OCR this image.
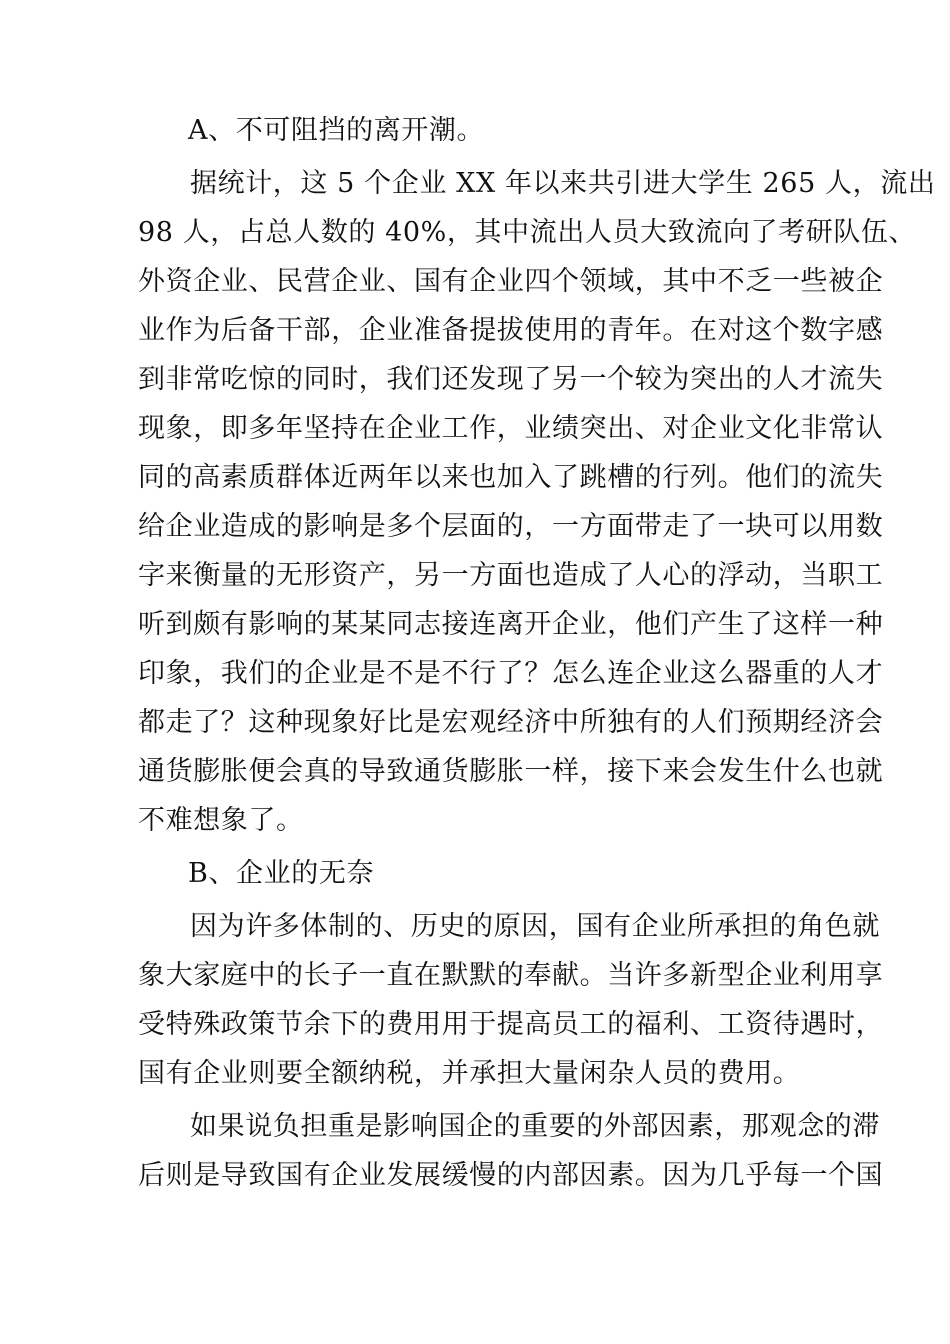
A、不可阻挡的离开潮。
据统计，这 5 个企业 XX 年以来共引进大学生 265 人，流出
98 人，占总人数的 40%，其中流出人员大致流向了考研队伍、
外资企业、民营企业、国有企业四个领域，其中不乏一些被企
业作为后备干部，企业准备提拔使用的青年。在对这个数字感
到非常吃惊的同时，我们还发现了另一个较为突出的人才流失
现象，即多年坚持在企业工作，业绩突出、对企业文化非常认
同的高素质群体近两年以来也加入了跳槽的行列。他们的流失
给企业造成的影响是多个层面的，一方面带走了一块可以用数
字来衡量的无形资产，另一方面也造成了人心的浮动，当职工
听到颇有影响的某某同志接连离开企业，他们产生了这样一种
印象，我们的企业是不是不行了？怎么连企业这么器重的人才
都走了？这种现象好比是宏观经济中所独有的人们预期经济会
通货膨胀便会真的导致通货膨胀一样，接下来会发生什么也就
不难想象了。
B、企业的无奈
因为许多体制的、历史的原因，国有企业所承担的角色就
象大家庭中的长子一直在默默的奉献。当许多新型企业利用享
受特殊政策节余下的费用用于提高员工的福利、工资待遇时，
国有企业则要全额纳税，并承担大量闲杂人员的费用。
如果说负担重是影响国企的重要的外部因素，那观念的滞
后则是导致国有企业发展缓慢的内部因素。因为几乎每一个国
